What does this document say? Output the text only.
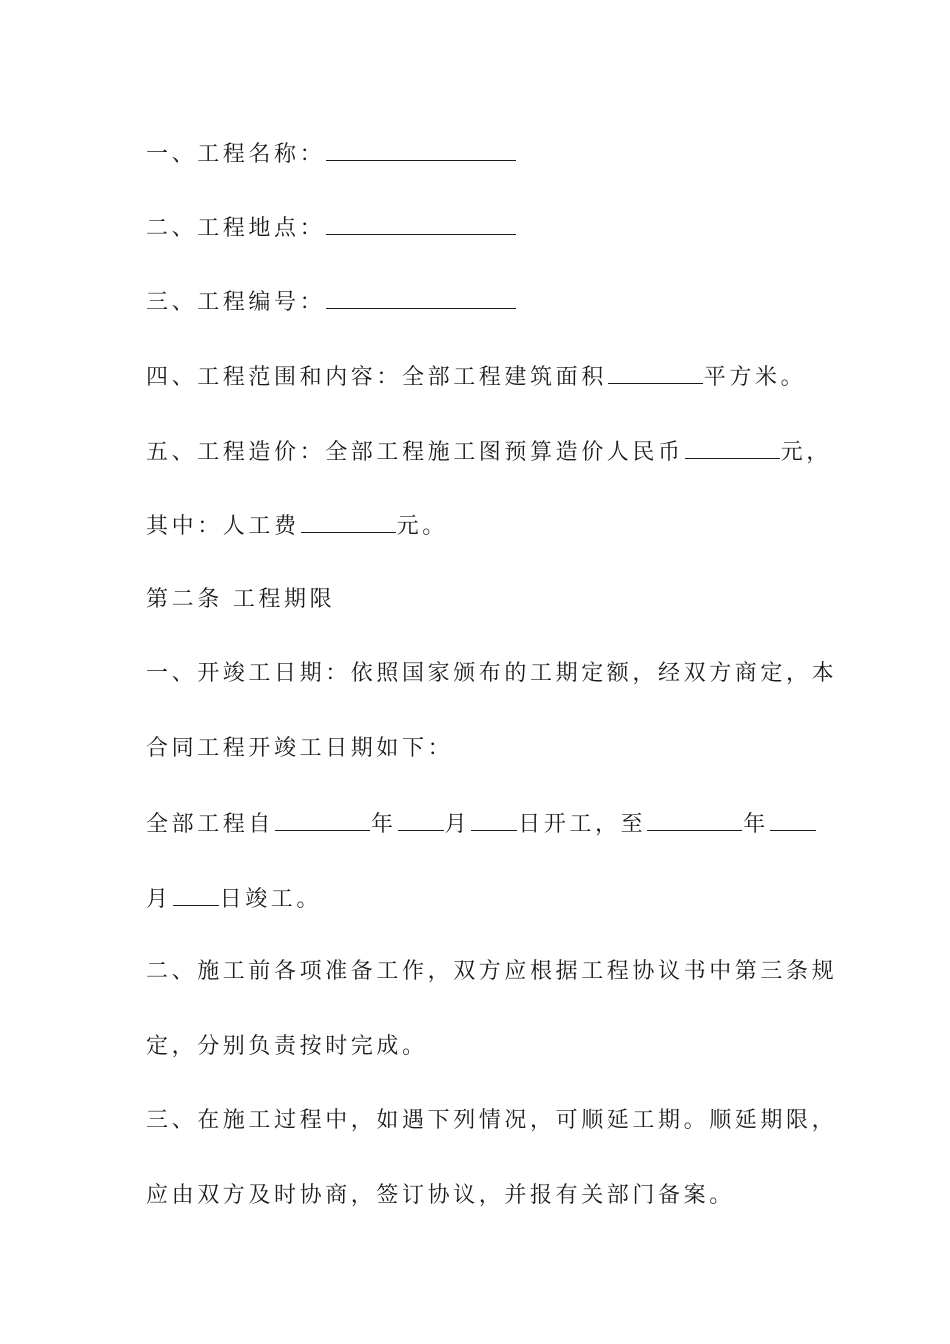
一、工程名称：
二、工程地点：
三、工程编号：
四、工程范围和内容：全部工程建筑面积	平方米。
五、工程造价：全部工程施工图预算造价人民币	元，
其中：人工费	元。
第二条 工程期限
一、开竣工日期：依照国家颁布的工期定额，经双方商定，本
合同工程开竣工日期如下：
全部工程自	年 月 日开工，至	年
月 日竣工。
二、施工前各项准备工作，双方应根据工程协议书中第三条规
定，分别负责按时完成。
三、在施工过程中，如遇下列情况，可顺延工期。顺延期限，
应由双方及时协商，签订协议，并报有关部门备案。
